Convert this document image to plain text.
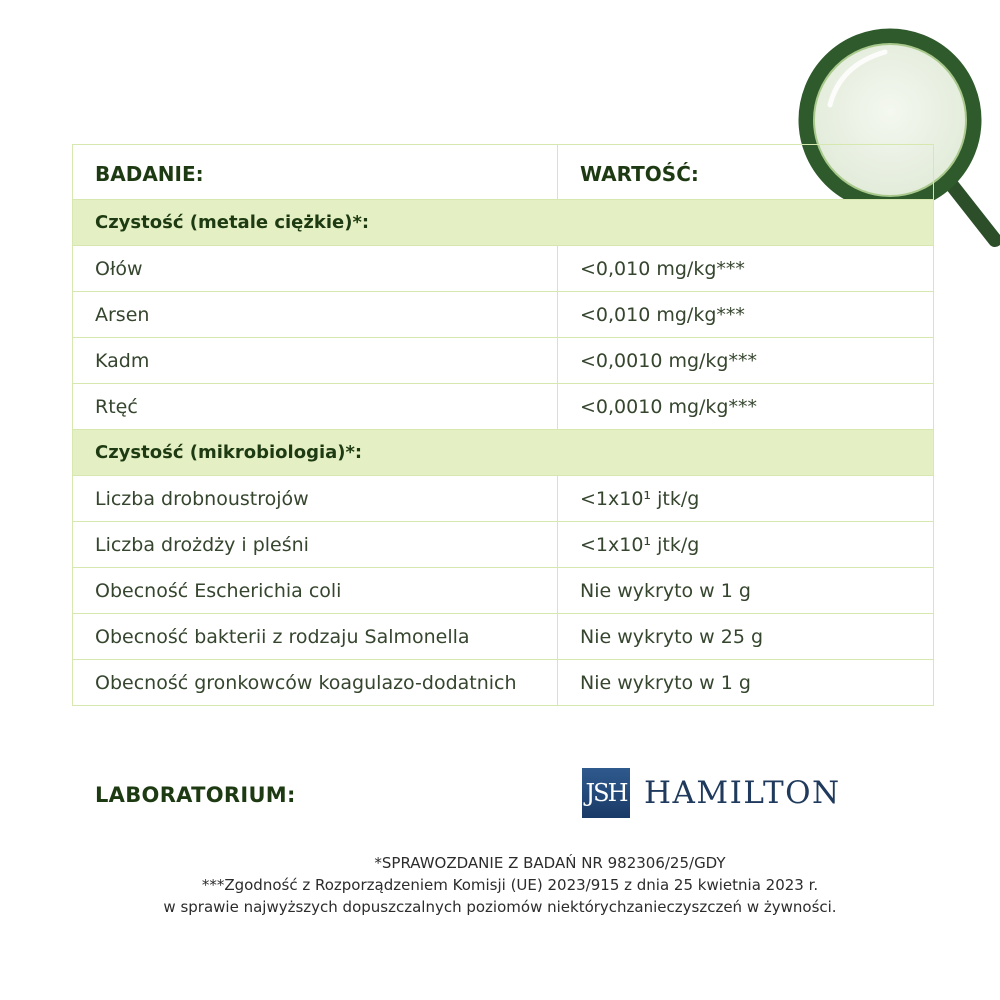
BADANIE:	WARTOŚĆ:
Czystość (metale ciężkie)*:	
Ołów	<0,010 mg/kg***
Arsen	<0,010 mg/kg***
Kadm	<0,0010 mg/kg***
Rtęć	<0,0010 mg/kg***
Czystość (mikrobiologia)*:	
Liczba drobnoustrojów	<1x10¹ jtk/g
Liczba drożdży i pleśni	<1x10¹ jtk/g
Obecność Escherichia coli	Nie wykryto w 1 g
Obecność bakterii z rodzaju Salmonella	Nie wykryto w 25 g
Obecność gronkowców koagulazo-dodatnich	Nie wykryto w 1 g
LABORATORIUM:	JSH HAMILTON
*SPRAWOZDANIE Z BADAŃ NR 982306/25/GDY
***Zgodność z Rozporządzeniem Komisji (UE) 2023/915 z dnia 25 kwietnia 2023 r.
w sprawie najwyższych dopuszczalnych poziomów niektórychzanieczyszczeń w żywności.
